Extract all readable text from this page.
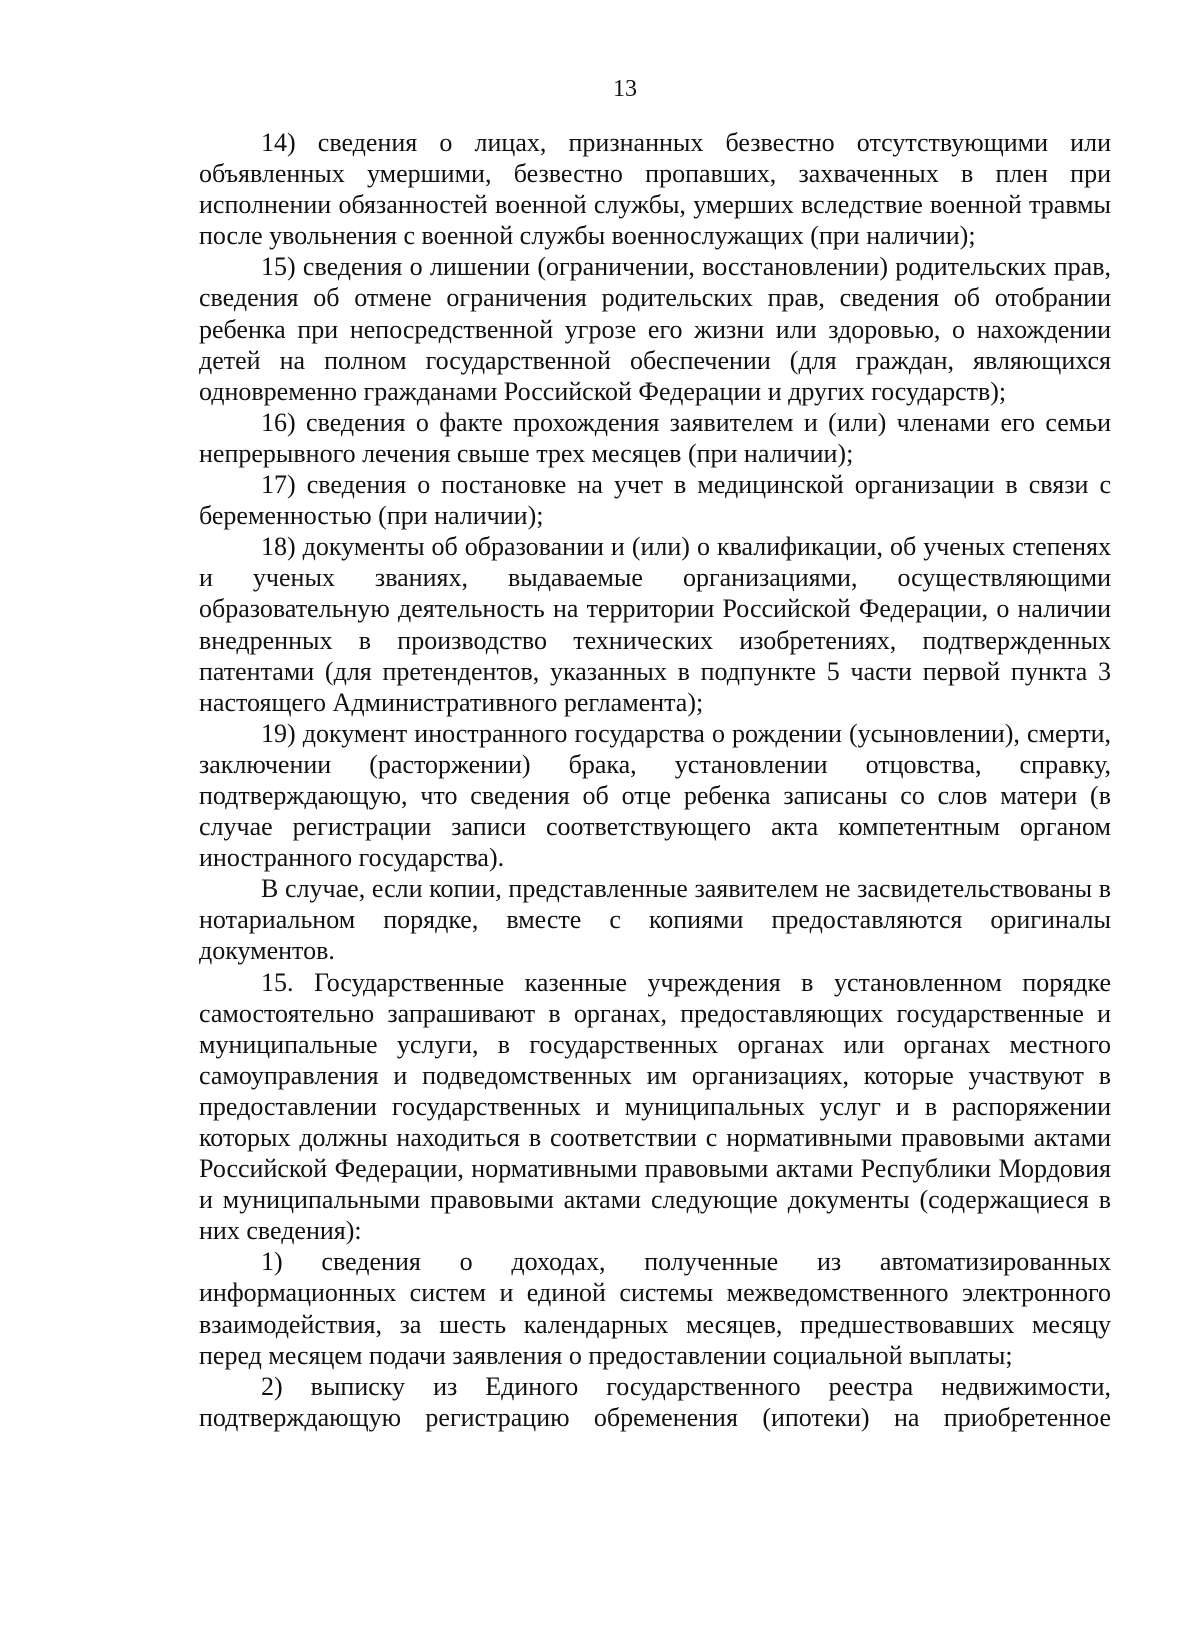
13

14) сведения о лицах, признанных безвестно отсутствующими или объявленных умершими, безвестно пропавших, захваченных в плен при исполнении обязанностей военной службы, умерших вследствие военной травмы после увольнения с военной службы военнослужащих (при наличии);

15) сведения о лишении (ограничении, восстановлении) родительских прав, сведения об отмене ограничения родительских прав, сведения об отобрании ребенка при непосредственной угрозе его жизни или здоровью, о нахождении детей на полном государственной обеспечении (для граждан, являющихся одновременно гражданами Российской Федерации и других государств);

16) сведения о факте прохождения заявителем и (или) членами его семьи непрерывного лечения свыше трех месяцев (при наличии);

17) сведения о постановке на учет в медицинской организации в связи с беременностью (при наличии);

18) документы об образовании и (или) о квалификации, об ученых степенях и ученых званиях, выдаваемые организациями, осуществляющими образовательную деятельность на территории Российской Федерации, о наличии внедренных в производство технических изобретениях, подтвержденных патентами (для претендентов, указанных в подпункте 5 части первой пункта 3 настоящего Административного регламента);

19) документ иностранного государства о рождении (усыновлении), смерти, заключении (расторжении) брака, установлении отцовства, справку, подтверждающую, что сведения об отце ребенка записаны со слов матери (в случае регистрации записи соответствующего акта компетентным органом иностранного государства).

В случае, если копии, представленные заявителем не засвидетельствованы в нотариальном порядке, вместе с копиями предоставляются оригиналы документов.

15. Государственные казенные учреждения в установленном порядке самостоятельно запрашивают в органах, предоставляющих государственные и муниципальные услуги, в государственных органах или органах местного самоуправления и подведомственных им организациях, которые участвуют в предоставлении государственных и муниципальных услуг и в распоряжении которых должны находиться в соответствии с нормативными правовыми актами Российской Федерации, нормативными правовыми актами Республики Мордовия и муниципальными правовыми актами следующие документы (содержащиеся в них сведения):

1) сведения о доходах, полученные из автоматизированных информационных систем и единой системы межведомственного электронного взаимодействия, за шесть календарных месяцев, предшествовавших месяцу перед месяцем подачи заявления о предоставлении социальной выплаты;

2) выписку из Единого государственного реестра недвижимости, подтверждающую регистрацию обременения (ипотеки) на приобретенное
